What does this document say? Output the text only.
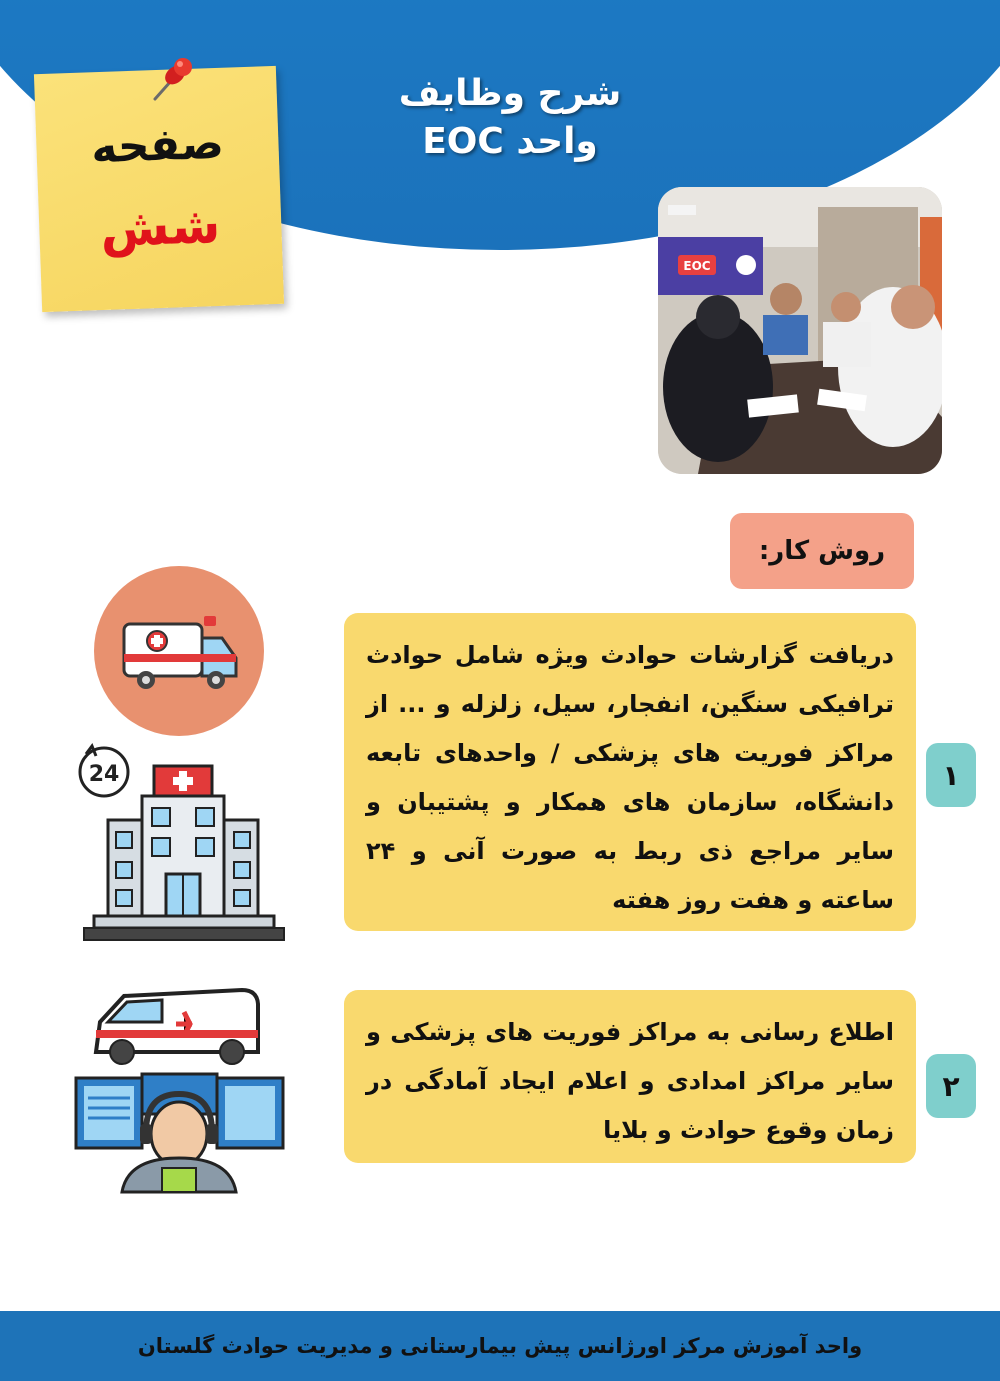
شرح وظایف
واحد EOC
صفحه
شش
EOC
روش کار:
24

دریافت گزارشات حوادث ویژه شامل حوادث ترافیکی سنگین، انفجار، سیل، زلزله و ... از مراکز فوریت های پزشکی / واحدهای تابعه دانشگاه، سازمان های همکار و پشتیبان و سایر مراجع ذی ربط به صورت آنی و ۲۴ ساعته و هفت روز هفته

۱

اطلاع رسانی به مراکز فوریت های پزشکی و سایر مراکز امدادی و اعلام ایجاد آمادگی در زمان وقوع حوادث و بلایا

۲
واحد آموزش مرکز اورژانس پیش بیمارستانی و مدیریت حوادث گلستان
